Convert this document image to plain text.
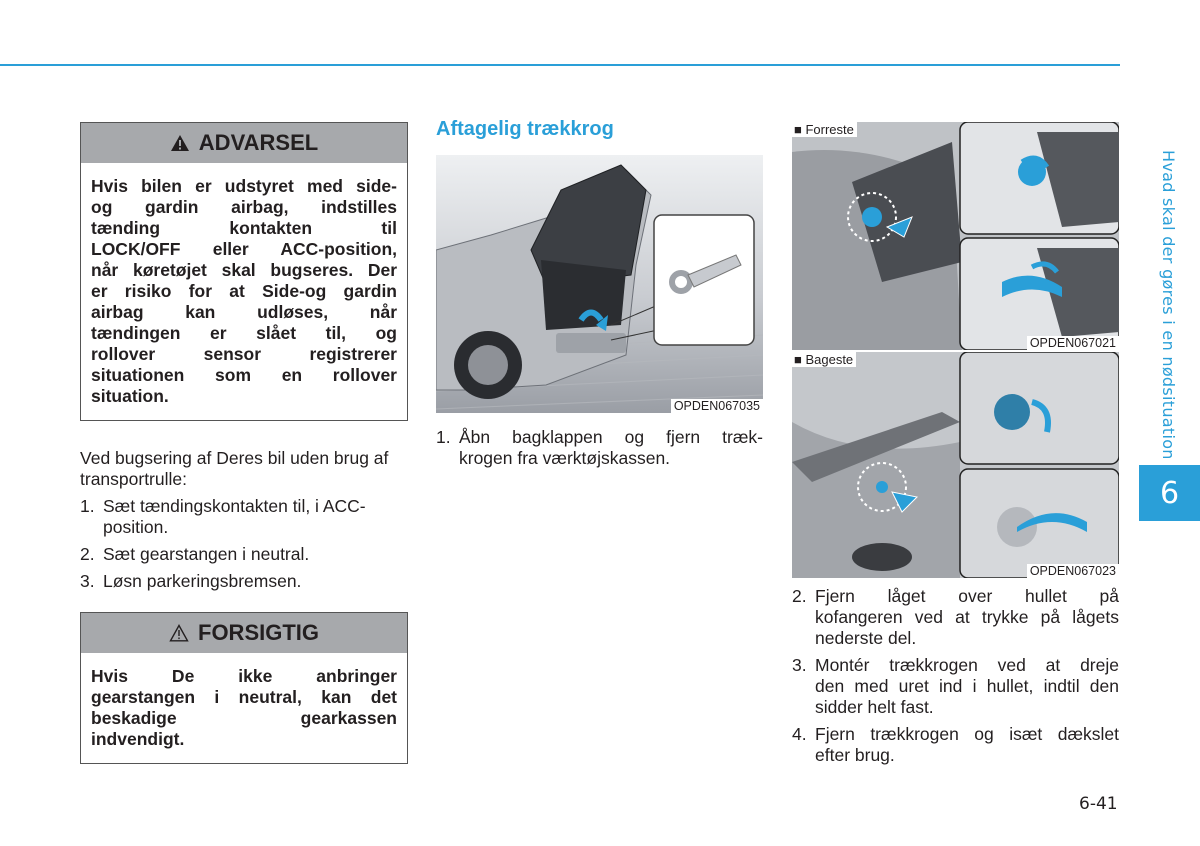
Hvad skal der gøres i en nødsituation
6
ADVARSEL
Hvis bilen er udstyret med side-
og gardin airbag, indstilles
tænding kontakten til
LOCK/OFF eller ACC-position,
når køretøjet skal bugseres. Der
er risiko for at Side-og gardin
airbag kan udløses, når
tændingen er slået til, og
rollover sensor registrerer
situationen som en rollover
situation.
Ved bugsering af Deres bil uden brug af transportrulle:
1. Sæt tændingskontakten til, i ACC-position.
2. Sæt gearstangen i neutral.
3. Løsn parkeringsbremsen.
FORSIGTIG
Hvis De ikke anbringer
gearstangen i neutral, kan det
beskadige gearkassen
indvendigt.
Aftagelig trækkrog
OPDEN067035
1. Åbn bagklappen og fjern træk-
krogen fra værktøjskassen.
■ Forreste
OPDEN067021
■ Bageste
OPDEN067023
2. Fjern låget over hullet på
kofangeren ved at trykke på lågets
nederste del.
3. Montér trækkrogen ved at dreje
den med uret ind i hullet, indtil den
sidder helt fast.
4. Fjern trækkrogen og isæt dækslet
efter brug.
6-41
